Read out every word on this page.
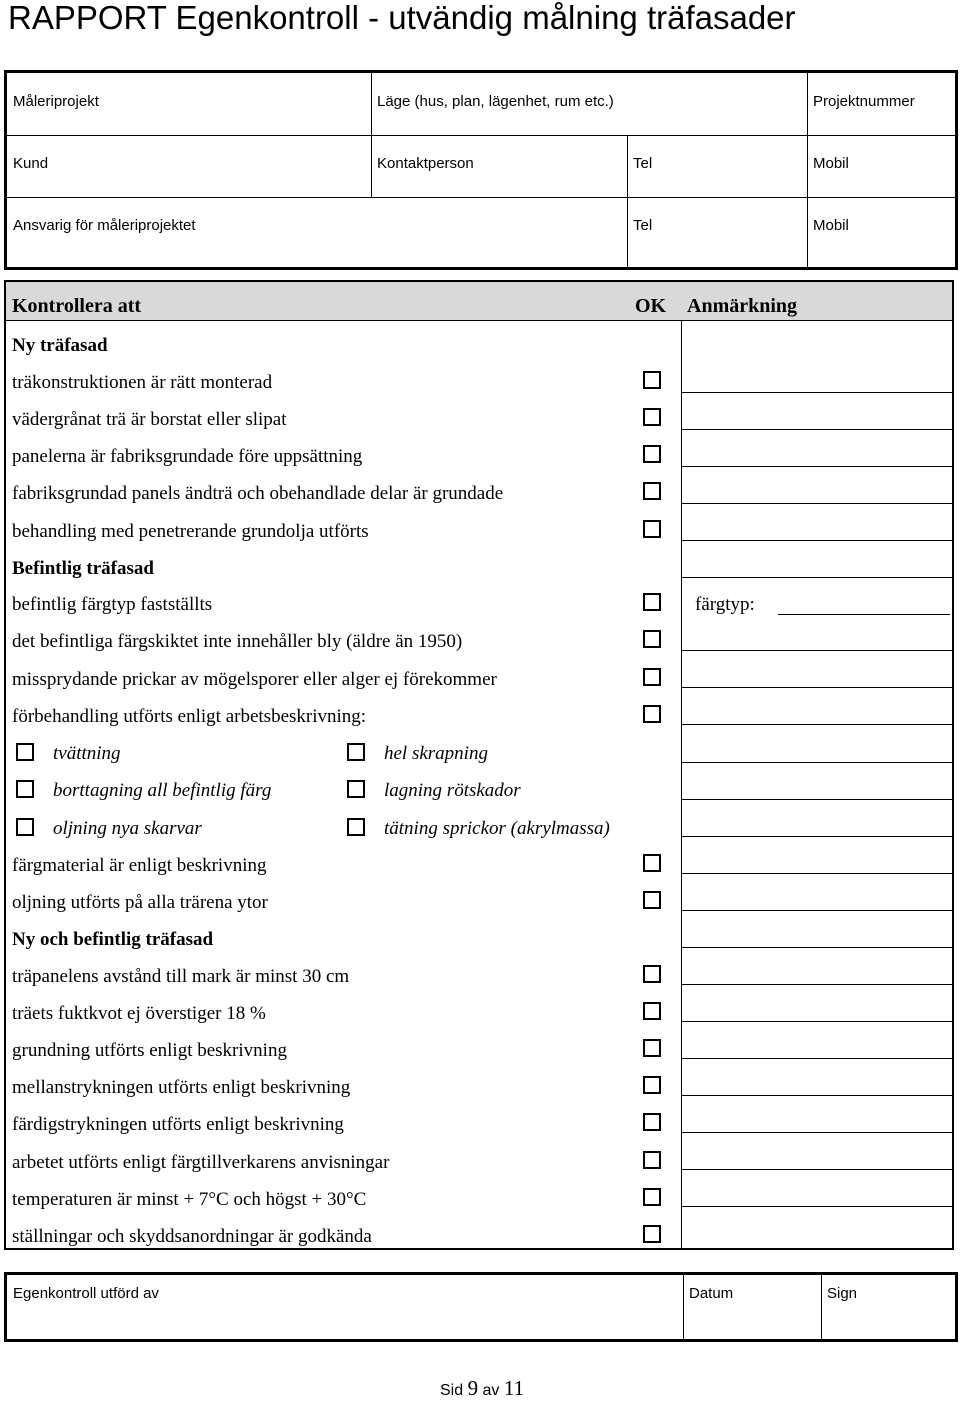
RAPPORT Egenkontroll - utvändig målning träfasader
Måleriprojekt	Läge (hus, plan, lägenhet, rum etc.)	Projektnummer
Kund	Kontaktperson	Tel	Mobil
Ansvarig för måleriprojektet	Tel	Mobil
Kontrollera att	OK Anmärkning
Ny träfasad
träkonstruktionen är rätt monterad
vädergrånat trä är borstat eller slipat
panelerna är fabriksgrundade före uppsättning
fabriksgrundad panels ändträ och obehandlade delar är grundade
behandling med penetrerande grundolja utförts
Befintlig träfasad
befintlig färgtyp fastställts	färgtyp:
det befintliga färgskiktet inte innehåller bly (äldre än 1950)
missprydande prickar av mögelsporer eller alger ej förekommer
förbehandling utförts enligt arbetsbeskrivning:
tvättning	hel skrapning
borttagning all befintlig färg	lagning rötskador
oljning nya skarvar	tätning sprickor (akrylmassa)
färgmaterial är enligt beskrivning
oljning utförts på alla trärena ytor
Ny och befintlig träfasad
träpanelens avstånd till mark är minst 30 cm
träets fuktkvot ej överstiger 18 %
grundning utförts enligt beskrivning
mellanstrykningen utförts enligt beskrivning
färdigstrykningen utförts enligt beskrivning
arbetet utförts enligt färgtillverkarens anvisningar
temperaturen är minst + 7°C och högst + 30°C
ställningar och skyddsanordningar är godkända
Egenkontroll utförd av	Datum	Sign
Sid 9 av 11
